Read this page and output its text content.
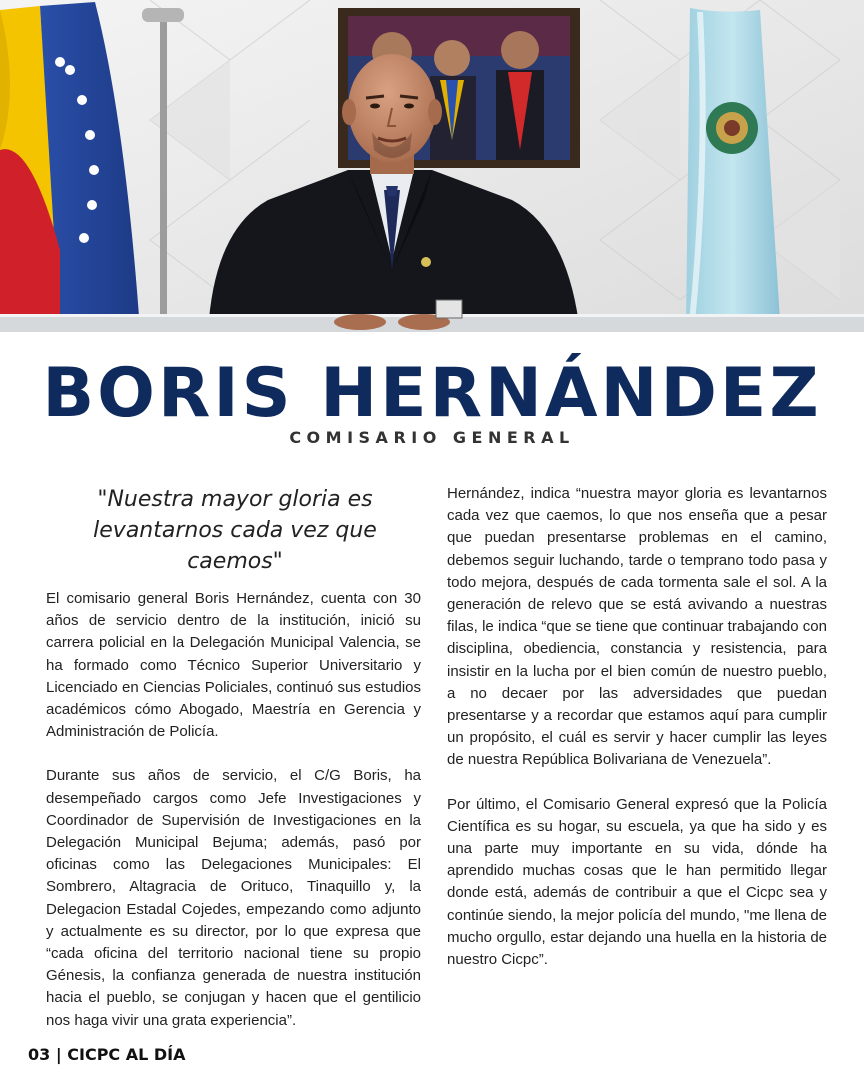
BORIS HERNÁNDEZ
COMISARIO GENERAL
"Nuestra mayor gloria es levantarnos cada vez que caemos"

El comisario general Boris Hernández, cuenta con 30 años de servicio dentro de la institución, inició su carrera policial en la Delegación Municipal Valencia, se ha formado como Técnico Superior Universitario y Licenciado en Ciencias Policiales, continuó sus estudios académicos cómo Abogado, Maestría en Gerencia y Administración de Policía.

Durante sus años de servicio, el C/G Boris, ha desempeñado cargos como Jefe Investigaciones y Coordinador de Supervisión de Investigaciones en la Delegación Municipal Bejuma; además, pasó por oficinas como las Delegaciones Municipales: El Sombrero, Altagracia de Orituco, Tinaquillo y, la Delegacion Estadal Cojedes, empezando como adjunto y actualmente es su director, por lo que expresa que “cada oficina del territorio nacional tiene su propio Génesis, la confianza generada de nuestra institución hacia el pueblo, se conjugan y hacen que el gentilicio nos haga vivir una grata experiencia”.

Hernández, indica “nuestra mayor gloria es levantarnos cada vez que caemos, lo que nos enseña que a pesar que puedan presentarse problemas en el camino, debemos seguir luchando, tarde o temprano todo pasa y todo mejora, después de cada tormenta sale el sol. A la generación de relevo que se está avivando a nuestras filas, le indica “que se tiene que continuar trabajando con disciplina, obediencia, constancia y resistencia, para insistir en la lucha por el bien común de nuestro pueblo, a no decaer por las adversidades que puedan presentarse y a recordar que estamos aquí para cumplir un propósito, el cuál es servir y hacer cumplir las leyes de nuestra República Bolivariana de Venezuela”.

Por último, el Comisario General expresó que la Policía Científica es su hogar, su escuela, ya que ha sido y es una parte muy importante en su vida, dónde ha aprendido muchas cosas que le han permitido llegar donde está, además de contribuir a que el Cicpc sea y continúe siendo, la mejor policía del mundo, "me llena de mucho orgullo, estar dejando una huella en la historia de nuestro Cicpc”.

03 | CICPC AL DÍA
